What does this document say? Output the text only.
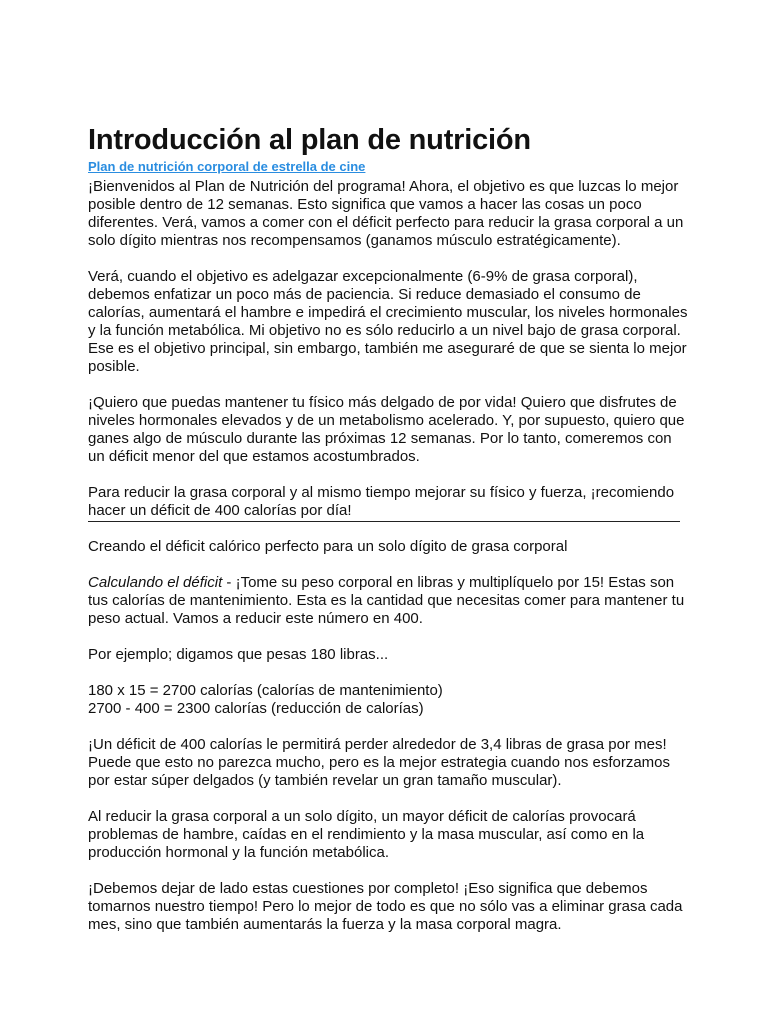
Introducción al plan de nutrición
Plan de nutrición corporal de estrella de cine

¡Bienvenidos al Plan de Nutrición del programa! Ahora, el objetivo es que luzcas lo mejor posible dentro de 12 semanas. Esto significa que vamos a hacer las cosas un poco diferentes. Verá, vamos a comer con el déficit perfecto para reducir la grasa corporal a un solo dígito mientras nos recompensamos (ganamos músculo estratégicamente).

Verá, cuando el objetivo es adelgazar excepcionalmente (6-9% de grasa corporal), debemos enfatizar un poco más de paciencia. Si reduce demasiado el consumo de calorías, aumentará el hambre e impedirá el crecimiento muscular, los niveles hormonales y la función metabólica. Mi objetivo no es sólo reducirlo a un nivel bajo de grasa corporal. Ese es el objetivo principal, sin embargo, también me aseguraré de que se sienta lo mejor posible.

¡Quiero que puedas mantener tu físico más delgado de por vida! Quiero que disfrutes de niveles hormonales elevados y de un metabolismo acelerado. Y, por supuesto, quiero que ganes algo de músculo durante las próximas 12 semanas. Por lo tanto, comeremos con un déficit menor del que estamos acostumbrados.

Para reducir la grasa corporal y al mismo tiempo mejorar su físico y fuerza, ¡recomiendo hacer un déficit de 400 calorías por día!

Creando el déficit calórico perfecto para un solo dígito de grasa corporal

Calculando el déficit - ¡Tome su peso corporal en libras y multiplíquelo por 15! Estas son tus calorías de mantenimiento. Esta es la cantidad que necesitas comer para mantener tu peso actual. Vamos a reducir este número en 400.

Por ejemplo; digamos que pesas 180 libras...

180 x 15 = 2700 calorías (calorías de mantenimiento)
2700 - 400 = 2300 calorías (reducción de calorías)

¡Un déficit de 400 calorías le permitirá perder alrededor de 3,4 libras de grasa por mes! Puede que esto no parezca mucho, pero es la mejor estrategia cuando nos esforzamos por estar súper delgados (y también revelar un gran tamaño muscular).

Al reducir la grasa corporal a un solo dígito, un mayor déficit de calorías provocará problemas de hambre, caídas en el rendimiento y la masa muscular, así como en la producción hormonal y la función metabólica.

¡Debemos dejar de lado estas cuestiones por completo! ¡Eso significa que debemos tomarnos nuestro tiempo! Pero lo mejor de todo es que no sólo vas a eliminar grasa cada mes, sino que también aumentarás la fuerza y la masa corporal magra.
